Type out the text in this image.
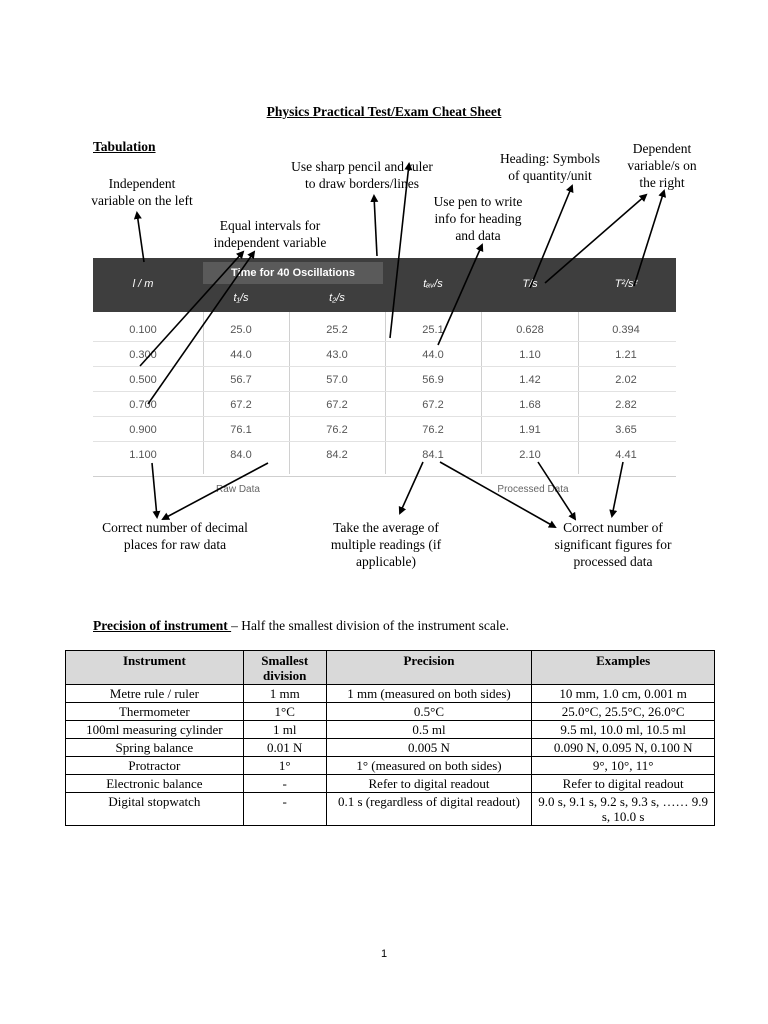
Physics Practical Test/Exam Cheat Sheet
Tabulation
Independent
variable on the left
Equal intervals for
independent variable
Use sharp pencil and ruler
to draw borders/lines
Use pen to write
info for heading
and data
Heading: Symbols
of quantity/unit
Dependent
variable/s on
the right
Correct number of decimal
places for raw data
Take the average of
multiple readings (if
applicable)
Correct number of
significant figures for
processed data
Time for 40 Oscillations
l / m
t₁/s	t₂/s
tₐᵥ/s	T/s	T²/s²
0.100	25.0	25.2	25.1	0.628	0.394
0.300	44.0	43.0	44.0	1.10	1.21
0.500	56.7	57.0	56.9	1.42	2.02
0.700	67.2	67.2	67.2	1.68	2.82
0.900	76.1	76.2	76.2	1.91	3.65
1.100	84.0	84.2	84.1	2.10	4.41
Raw Data	Processed Data
Precision of instrument – Half the smallest division of the instrument scale.
Instrument	Smallest division	Precision	Examples
Metre rule / ruler	1 mm	1 mm (measured on both sides)	10 mm, 1.0 cm, 0.001 m
Thermometer	1°C	0.5°C	25.0°C, 25.5°C, 26.0°C
100ml measuring cylinder	1 ml	0.5 ml	9.5 ml, 10.0 ml, 10.5 ml
Spring balance	0.01 N	0.005 N	0.090 N, 0.095 N, 0.100 N
Protractor	1°	1° (measured on both sides)	9°, 10°, 11°
Electronic balance	-	Refer to digital readout	Refer to digital readout
Digital stopwatch	-	0.1 s (regardless of digital readout)	9.0 s, 9.1 s, 9.2 s, 9.3 s, …… 9.9 s, 10.0 s
1
